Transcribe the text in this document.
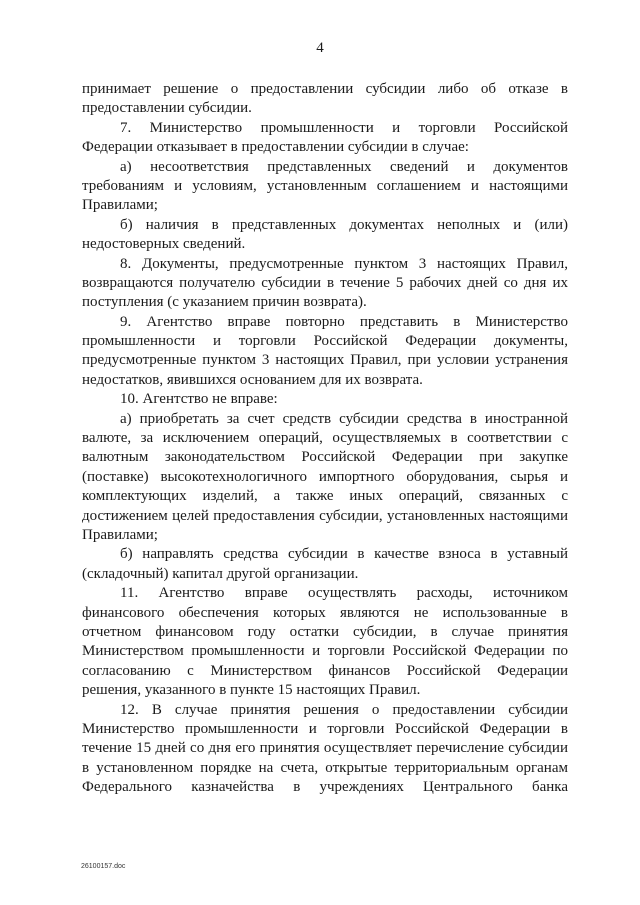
4
принимает решение о предоставлении субсидии либо об отказе в
предоставлении субсидии.
7. Министерство промышленности и торговли Российской
Федерации отказывает в предоставлении субсидии в случае:
а) несоответствия представленных сведений и документов
требованиям и условиям, установленным соглашением и настоящими
Правилами;
б) наличия в представленных документах неполных и (или)
недостоверных сведений.
8. Документы, предусмотренные пунктом 3 настоящих Правил,
возвращаются получателю субсидии в течение 5 рабочих дней со дня их
поступления (с указанием причин возврата).
9. Агентство вправе повторно представить в Министерство
промышленности и торговли Российской Федерации документы,
предусмотренные пунктом 3 настоящих Правил, при условии устранения
недостатков, явившихся основанием для их возврата.
10. Агентство не вправе:
а) приобретать за счет средств субсидии средства в иностранной
валюте, за исключением операций, осуществляемых в соответствии с
валютным законодательством Российской Федерации при закупке
(поставке) высокотехнологичного импортного оборудования, сырья и
комплектующих изделий, а также иных операций, связанных с
достижением целей предоставления субсидии, установленных настоящими
Правилами;
б) направлять средства субсидии в качестве взноса в уставный
(складочный) капитал другой организации.
11. Агентство вправе осуществлять расходы, источником
финансового обеспечения которых являются не использованные в
отчетном финансовом году остатки субсидии, в случае принятия
Министерством промышленности и торговли Российской Федерации по
согласованию с Министерством финансов Российской Федерации
решения, указанного в пункте 15 настоящих Правил.
12. В случае принятия решения о предоставлении субсидии
Министерство промышленности и торговли Российской Федерации в
течение 15 дней со дня его принятия осуществляет перечисление субсидии
в установленном порядке на счета, открытые территориальным органам
Федерального казначейства в учреждениях Центрального банка
26100157.doc
